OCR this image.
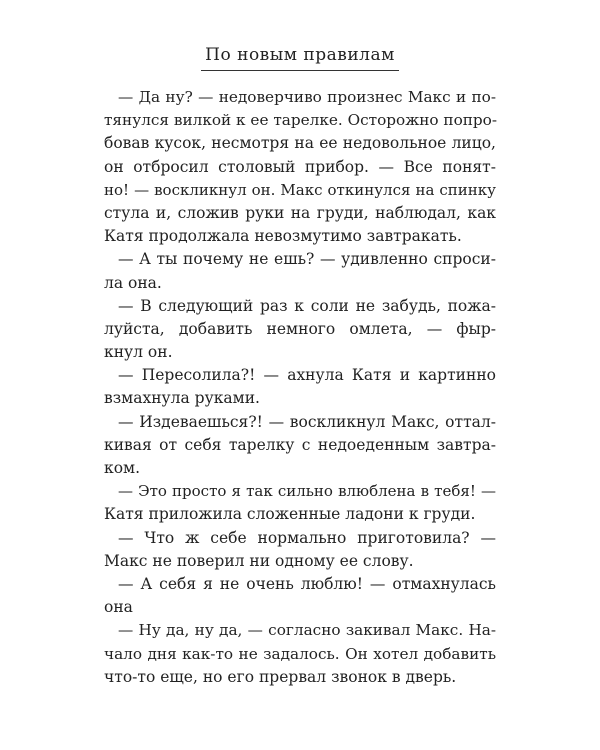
По новым правилам
— Да ну? — недоверчиво произнес Макс и по-
тянулся вилкой к ее тарелке. Осторожно попро-
бовав кусок, несмотря на ее недовольное лицо,
он отбросил столовый прибор. — Все понят-
но! — воскликнул он. Макс откинулся на спинку
стула и, сложив руки на груди, наблюдал, как
Катя продолжала невозмутимо завтракать.
— А ты почему не ешь? — удивленно спроси-
ла она.
— В следующий раз к соли не забудь, пожа-
луйста, добавить немного омлета, — фыр-
кнул он.
— Пересолила?! — ахнула Катя и картинно
взмахнула руками.
— Издеваешься?! — воскликнул Макс, оттал-
кивая от себя тарелку с недоеденным завтра-
ком.
— Это просто я так сильно влюблена в тебя! —
Катя приложила сложенные ладони к груди.
— Что ж себе нормально приготовила? —
Макс не поверил ни одному ее слову.
— А себя я не очень люблю! — отмахнулась
она
— Ну да, ну да, — согласно закивал Макс. На-
чало дня как-то не задалось. Он хотел добавить
что-то еще, но его прервал звонок в дверь.
